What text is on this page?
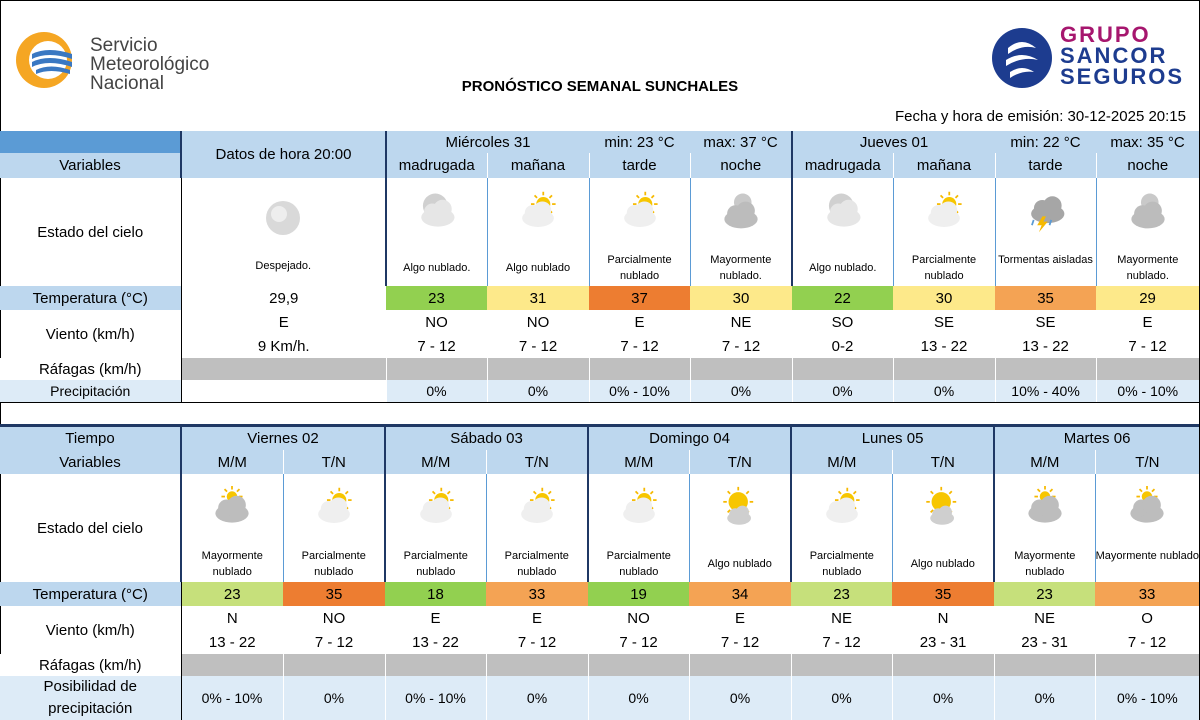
Servicio
Meteorológico
Nacional	PRONÓSTICO SEMANAL SUNCHALES
GRUPO
SANCOR
SEGUROS
Fecha y hora de emisión: 30-12-2025 20:15
	Datos de hora 20:00	Miércoles 31		min: 23 °C	max: 37 °C	Jueves 01		min: 22 °C	max: 35 °C
Variables		madrugada	mañana	tarde	noche	madrugada	mañana	tarde	noche
Estado del cielo	Despejado.	Algo nublado.	Algo nublado	Parcialmente nublado	Mayormente nublado.	Algo nublado.	Parcialmente nublado	Tormentas aisladas	Mayormente nublado.

Temperatura (°C)	29,9	23	31	37	30	22	30	35	29
Viento (km/h)	E	NO	NO	E	NE	SO	SE	SE	E
	9 Km/h.	7 - 12	7 - 12	7 - 12	7 - 12	0-2	13 - 22	13 - 22	7 - 12
Ráfagas (km/h)									
Precipitación		0%	0%	0% - 10%	0%	0%	0%	10% - 40%	0% - 10%
Tiempo	Viernes 02		Sábado 03		Domingo 04		Lunes 05		Martes 06	
Variables	M/M	T/N	M/M	T/N	M/M	T/N	M/M	T/N	M/M	T/N
Estado del cielo	Mayormente nublado	Parcialmente nublado	Parcialmente nublado	Parcialmente nublado	Parcialmente nublado	Algo nublado	Parcialmente nublado	Algo nublado	Mayormente nublado	Mayormente nublado

Temperatura (°C)	23	35	18	33	19	34	23	35	23	33
Viento (km/h)	N	NO	E	E	NO	E	NE	N	NE	O
	13 - 22	7 - 12	13 - 22	7 - 12	7 - 12	7 - 12	7 - 12	23 - 31	23 - 31	7 - 12
Ráfagas (km/h)										

Posibilidad de
precipitación	0% - 10%	0%	0% - 10%	0%	0%	0%	0%	0%	0%	0% - 10%
